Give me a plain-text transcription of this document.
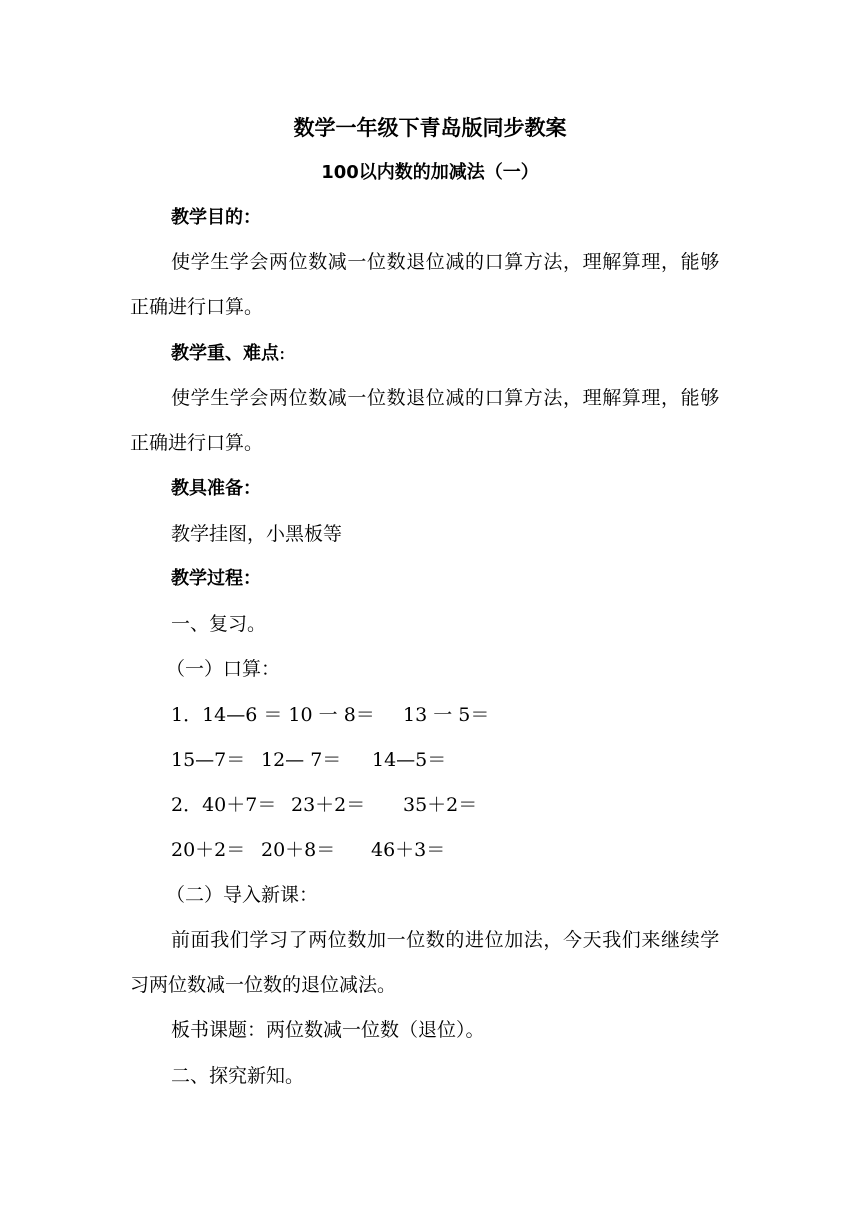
数学一年级下青岛版同步教案
100以内数的加减法（一）
教学目的：
使学生学会两位数减一位数退位减的口算方法，理解算理，能够
正确进行口算。
教学重、难点:
使学生学会两位数减一位数退位减的口算方法，理解算理，能够
正确进行口算。
教具准备：
教学挂图，小黑板等
教学过程：
一、复习。
（一）口算：
1．14—6 ＝ 10 一 8＝ 13 一 5＝
15—7＝ 12— 7＝ 14—5＝
2．40＋7＝ 23＋2＝ 35＋2＝
20＋2＝ 20＋8＝ 46＋3＝
（二）导入新课：
前面我们学习了两位数加一位数的进位加法，今天我们来继续学
习两位数减一位数的退位减法。
板书课题：两位数减一位数（退位）。
二、探究新知。
